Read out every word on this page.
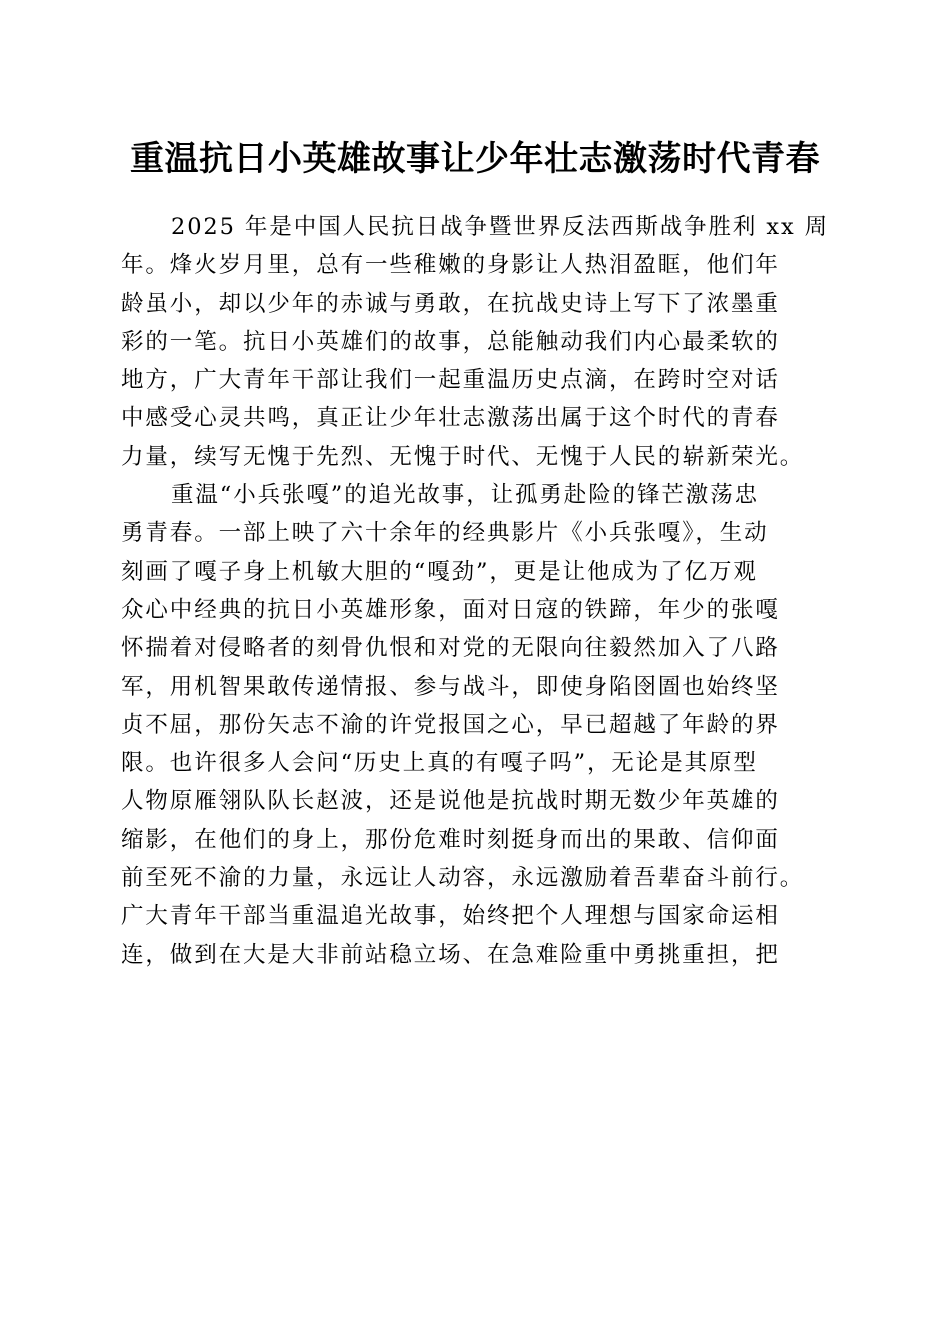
重温抗日小英雄故事让少年壮志激荡时代青春
2025 年是中国人民抗日战争暨世界反法西斯战争胜利 xx 周
年。烽火岁月里，总有一些稚嫩的身影让人热泪盈眶，他们年
龄虽小，却以少年的赤诚与勇敢，在抗战史诗上写下了浓墨重
彩的一笔。抗日小英雄们的故事，总能触动我们内心最柔软的
地方，广大青年干部让我们一起重温历史点滴，在跨时空对话
中感受心灵共鸣，真正让少年壮志激荡出属于这个时代的青春
力量，续写无愧于先烈、无愧于时代、无愧于人民的崭新荣光。
重温“小兵张嘎”的追光故事，让孤勇赴险的锋芒激荡忠
勇青春。一部上映了六十余年的经典影片《小兵张嘎》，生动
刻画了嘎子身上机敏大胆的“嘎劲”，更是让他成为了亿万观
众心中经典的抗日小英雄形象，面对日寇的铁蹄，年少的张嘎
怀揣着对侵略者的刻骨仇恨和对党的无限向往毅然加入了八路
军，用机智果敢传递情报、参与战斗，即使身陷囹圄也始终坚
贞不屈，那份矢志不渝的许党报国之心，早已超越了年龄的界
限。也许很多人会问“历史上真的有嘎子吗”，无论是其原型
人物原雁翎队队长赵波，还是说他是抗战时期无数少年英雄的
缩影，在他们的身上，那份危难时刻挺身而出的果敢、信仰面
前至死不渝的力量，永远让人动容，永远激励着吾辈奋斗前行。
广大青年干部当重温追光故事，始终把个人理想与国家命运相
连，做到在大是大非前站稳立场、在急难险重中勇挑重担，把
